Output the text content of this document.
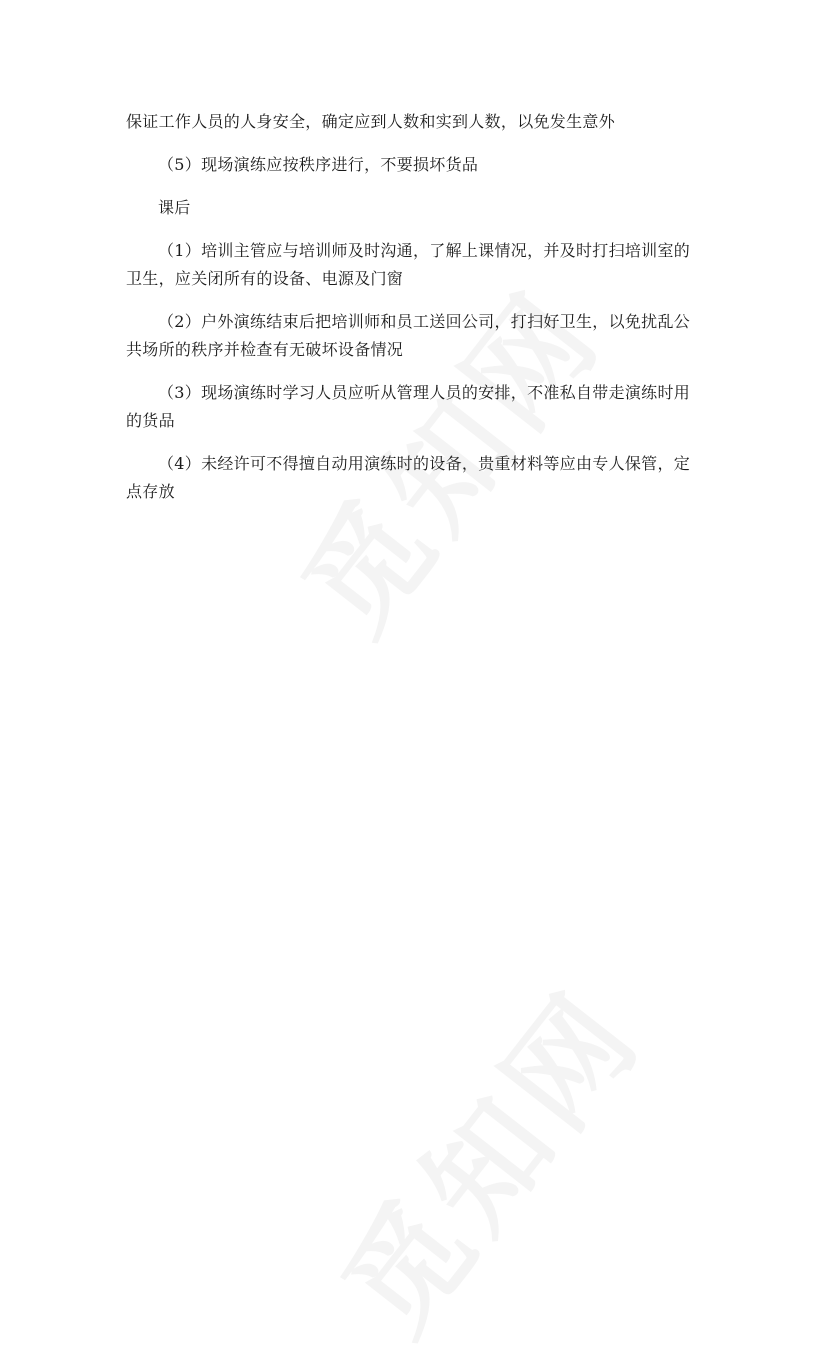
保证工作人员的人身安全，确定应到人数和实到人数，以免发生意外

（5）现场演练应按秩序进行，不要损坏货品

课后

（1）培训主管应与培训师及时沟通，了解上课情况，并及时打扫培训室的
卫生，应关闭所有的设备、电源及门窗

（2）户外演练结束后把培训师和员工送回公司，打扫好卫生，以免扰乱公
共场所的秩序并检查有无破坏设备情况

（3）现场演练时学习人员应听从管理人员的安排，不准私自带走演练时用
的货品

（4）未经许可不得擅自动用演练时的设备，贵重材料等应由专人保管，定
点存放
